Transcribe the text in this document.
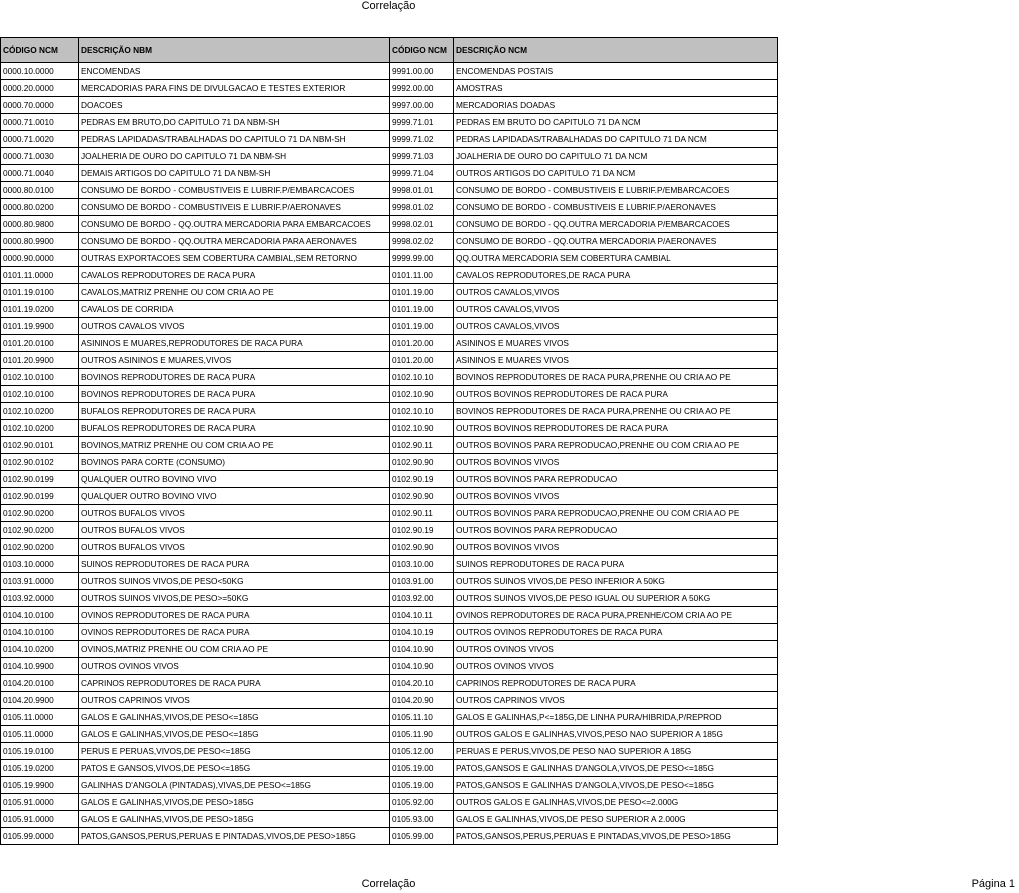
Correlação
CÓDIGO NCM	DESCRIÇÃO NBM	CÓDIGO NCM	DESCRIÇÃO NCM
0000.10.0000	ENCOMENDAS	9991.00.00	ENCOMENDAS POSTAIS
0000.20.0000	MERCADORIAS PARA FINS DE DIVULGACAO E TESTES EXTERIOR	9992.00.00	AMOSTRAS
0000.70.0000	DOACOES	9997.00.00	MERCADORIAS DOADAS
0000.71.0010	PEDRAS EM BRUTO,DO CAPITULO 71 DA NBM-SH	9999.71.01	PEDRAS EM BRUTO DO CAPITULO 71 DA NCM
0000.71.0020	PEDRAS LAPIDADAS/TRABALHADAS DO CAPITULO 71 DA NBM-SH	9999.71.02	PEDRAS LAPIDADAS/TRABALHADAS DO CAPITULO 71 DA NCM
0000.71.0030	JOALHERIA DE OURO DO CAPITULO 71 DA NBM-SH	9999.71.03	JOALHERIA DE OURO DO CAPITULO 71 DA NCM
0000.71.0040	DEMAIS ARTIGOS DO CAPITULO 71 DA NBM-SH	9999.71.04	OUTROS ARTIGOS DO CAPITULO 71 DA NCM
0000.80.0100	CONSUMO DE BORDO - COMBUSTIVEIS E LUBRIF.P/EMBARCACOES	9998.01.01	CONSUMO DE BORDO - COMBUSTIVEIS E LUBRIF.P/EMBARCACOES
0000.80.0200	CONSUMO DE BORDO - COMBUSTIVEIS E LUBRIF.P/AERONAVES	9998.01.02	CONSUMO DE BORDO - COMBUSTIVEIS E LUBRIF.P/AERONAVES
0000.80.9800	CONSUMO DE BORDO - QQ.OUTRA MERCADORIA PARA EMBARCACOES	9998.02.01	CONSUMO DE BORDO - QQ.OUTRA MERCADORIA P/EMBARCACOES
0000.80.9900	CONSUMO DE BORDO - QQ.OUTRA MERCADORIA PARA AERONAVES	9998.02.02	CONSUMO DE BORDO - QQ.OUTRA MERCADORIA P/AERONAVES
0000.90.0000	OUTRAS EXPORTACOES SEM COBERTURA CAMBIAL,SEM RETORNO	9999.99.00	QQ.OUTRA MERCADORIA SEM COBERTURA CAMBIAL
0101.11.0000	CAVALOS REPRODUTORES DE RACA PURA	0101.11.00	CAVALOS REPRODUTORES,DE RACA PURA
0101.19.0100	CAVALOS,MATRIZ PRENHE OU COM CRIA AO PE	0101.19.00	OUTROS CAVALOS,VIVOS
0101.19.0200	CAVALOS DE CORRIDA	0101.19.00	OUTROS CAVALOS,VIVOS
0101.19.9900	OUTROS CAVALOS VIVOS	0101.19.00	OUTROS CAVALOS,VIVOS
0101.20.0100	ASININOS E MUARES,REPRODUTORES DE RACA PURA	0101.20.00	ASININOS E MUARES VIVOS
0101.20.9900	OUTROS ASININOS E MUARES,VIVOS	0101.20.00	ASININOS E MUARES VIVOS
0102.10.0100	BOVINOS REPRODUTORES DE RACA PURA	0102.10.10	BOVINOS REPRODUTORES DE RACA PURA,PRENHE OU CRIA AO PE
0102.10.0100	BOVINOS REPRODUTORES DE RACA PURA	0102.10.90	OUTROS BOVINOS REPRODUTORES DE RACA PURA
0102.10.0200	BUFALOS REPRODUTORES DE RACA PURA	0102.10.10	BOVINOS REPRODUTORES DE RACA PURA,PRENHE OU CRIA AO PE
0102.10.0200	BUFALOS REPRODUTORES DE RACA PURA	0102.10.90	OUTROS BOVINOS REPRODUTORES DE RACA PURA
0102.90.0101	BOVINOS,MATRIZ PRENHE OU COM CRIA AO PE	0102.90.11	OUTROS BOVINOS PARA REPRODUCAO,PRENHE OU COM CRIA AO PE
0102.90.0102	BOVINOS PARA CORTE (CONSUMO)	0102.90.90	OUTROS BOVINOS VIVOS
0102.90.0199	QUALQUER OUTRO BOVINO VIVO	0102.90.19	OUTROS BOVINOS PARA REPRODUCAO
0102.90.0199	QUALQUER OUTRO BOVINO VIVO	0102.90.90	OUTROS BOVINOS VIVOS
0102.90.0200	OUTROS BUFALOS VIVOS	0102.90.11	OUTROS BOVINOS PARA REPRODUCAO,PRENHE OU COM CRIA AO PE
0102.90.0200	OUTROS BUFALOS VIVOS	0102.90.19	OUTROS BOVINOS PARA REPRODUCAO
0102.90.0200	OUTROS BUFALOS VIVOS	0102.90.90	OUTROS BOVINOS VIVOS
0103.10.0000	SUINOS REPRODUTORES DE RACA PURA	0103.10.00	SUINOS REPRODUTORES DE RACA PURA
0103.91.0000	OUTROS SUINOS VIVOS,DE PESO<50KG	0103.91.00	OUTROS SUINOS VIVOS,DE PESO INFERIOR A 50KG
0103.92.0000	OUTROS SUINOS VIVOS,DE PESO>=50KG	0103.92.00	OUTROS SUINOS VIVOS,DE PESO IGUAL OU SUPERIOR A 50KG
0104.10.0100	OVINOS REPRODUTORES DE RACA PURA	0104.10.11	OVINOS REPRODUTORES DE RACA PURA,PRENHE/COM CRIA AO PE
0104.10.0100	OVINOS REPRODUTORES DE RACA PURA	0104.10.19	OUTROS OVINOS REPRODUTORES DE RACA PURA
0104.10.0200	OVINOS,MATRIZ PRENHE OU COM CRIA AO PE	0104.10.90	OUTROS OVINOS VIVOS
0104.10.9900	OUTROS OVINOS VIVOS	0104.10.90	OUTROS OVINOS VIVOS
0104.20.0100	CAPRINOS REPRODUTORES DE RACA PURA	0104.20.10	CAPRINOS REPRODUTORES DE RACA PURA
0104.20.9900	OUTROS CAPRINOS VIVOS	0104.20.90	OUTROS CAPRINOS VIVOS
0105.11.0000	GALOS E GALINHAS,VIVOS,DE PESO<=185G	0105.11.10	GALOS E GALINHAS,P<=185G,DE LINHA PURA/HIBRIDA,P/REPROD
0105.11.0000	GALOS E GALINHAS,VIVOS,DE PESO<=185G	0105.11.90	OUTROS GALOS E GALINHAS,VIVOS,PESO NAO SUPERIOR A 185G
0105.19.0100	PERUS E PERUAS,VIVOS,DE PESO<=185G	0105.12.00	PERUAS E PERUS,VIVOS,DE PESO NAO SUPERIOR A 185G
0105.19.0200	PATOS E GANSOS,VIVOS,DE PESO<=185G	0105.19.00	PATOS,GANSOS E GALINHAS D'ANGOLA,VIVOS,DE PESO<=185G
0105.19.9900	GALINHAS D'ANGOLA (PINTADAS),VIVAS,DE PESO<=185G	0105.19.00	PATOS,GANSOS E GALINHAS D'ANGOLA,VIVOS,DE PESO<=185G
0105.91.0000	GALOS E GALINHAS,VIVOS,DE PESO>185G	0105.92.00	OUTROS GALOS E GALINHAS,VIVOS,DE PESO<=2.000G
0105.91.0000	GALOS E GALINHAS,VIVOS,DE PESO>185G	0105.93.00	GALOS E GALINHAS,VIVOS,DE PESO SUPERIOR A 2.000G
0105.99.0000	PATOS,GANSOS,PERUS,PERUAS E PINTADAS,VIVOS,DE PESO>185G	0105.99.00	PATOS,GANSOS,PERUS,PERUAS E PINTADAS,VIVOS,DE PESO>185G
Correlação	Página 1
